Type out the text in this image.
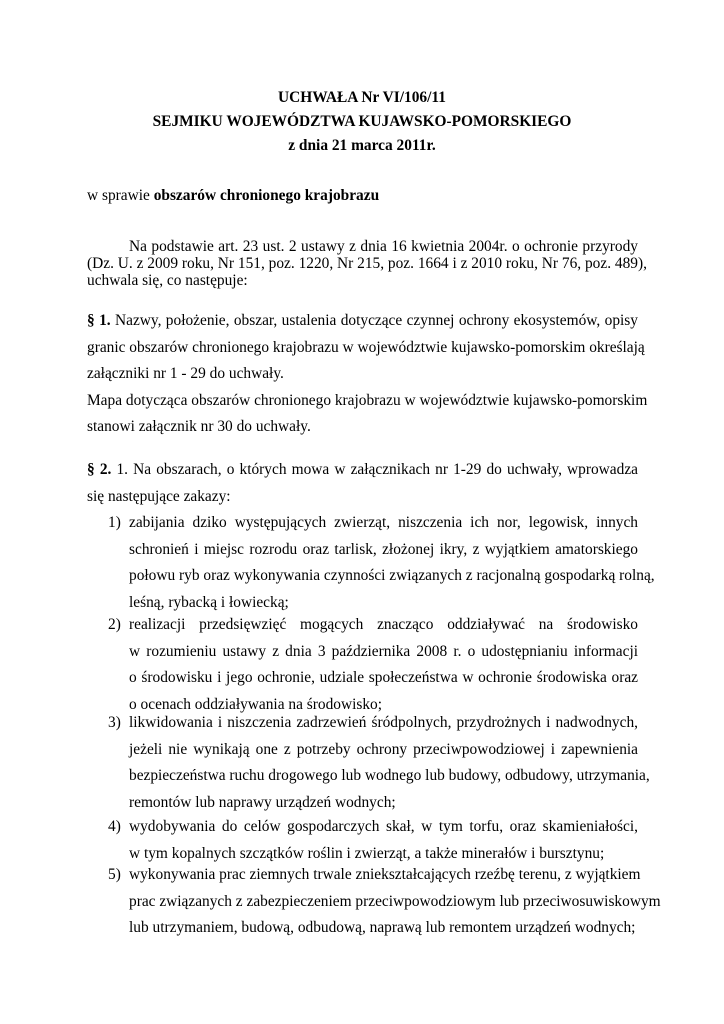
UCHWAŁA Nr VI/106/11
SEJMIKU WOJEWÓDZTWA KUJAWSKO-POMORSKIEGO
z dnia 21 marca 2011r.
w sprawie obszarów chronionego krajobrazu
Na podstawie art. 23 ust. 2 ustawy z dnia 16 kwietnia 2004r. o ochronie przyrody
(Dz. U. z 2009 roku, Nr 151, poz. 1220, Nr 215, poz. 1664 i z 2010 roku, Nr 76, poz. 489),
uchwala się, co następuje:
§ 1. Nazwy, położenie, obszar, ustalenia dotyczące czynnej ochrony ekosystemów, opisy
granic obszarów chronionego krajobrazu w województwie kujawsko-pomorskim określają
załączniki nr 1 - 29 do uchwały.
Mapa dotycząca obszarów chronionego krajobrazu w województwie kujawsko-pomorskim
stanowi załącznik nr 30 do uchwały.
§ 2. 1. Na obszarach, o których mowa w załącznikach nr 1-29 do uchwały, wprowadza
się następujące zakazy:
1) zabijania dziko występujących zwierząt, niszczenia ich nor, legowisk, innych
schronień i miejsc rozrodu oraz tarlisk, złożonej ikry, z wyjątkiem amatorskiego
połowu ryb oraz wykonywania czynności związanych z racjonalną gospodarką rolną,
leśną, rybacką i łowiecką;
2) realizacji przedsięwzięć mogących znacząco oddziaływać na środowisko
w rozumieniu ustawy z dnia 3 października 2008 r. o udostępnianiu informacji
o środowisku i jego ochronie, udziale społeczeństwa w ochronie środowiska oraz
o ocenach oddziaływania na środowisko;
3) likwidowania i niszczenia zadrzewień śródpolnych, przydrożnych i nadwodnych,
jeżeli nie wynikają one z potrzeby ochrony przeciwpowodziowej i zapewnienia
bezpieczeństwa ruchu drogowego lub wodnego lub budowy, odbudowy, utrzymania,
remontów lub naprawy urządzeń wodnych;
4) wydobywania do celów gospodarczych skał, w tym torfu, oraz skamieniałości,
w tym kopalnych szczątków roślin i zwierząt, a także minerałów i bursztynu;
5) wykonywania prac ziemnych trwale zniekształcających rzeźbę terenu, z wyjątkiem
prac związanych z zabezpieczeniem przeciwpowodziowym lub przeciwosuwiskowym
lub utrzymaniem, budową, odbudową, naprawą lub remontem urządzeń wodnych;
